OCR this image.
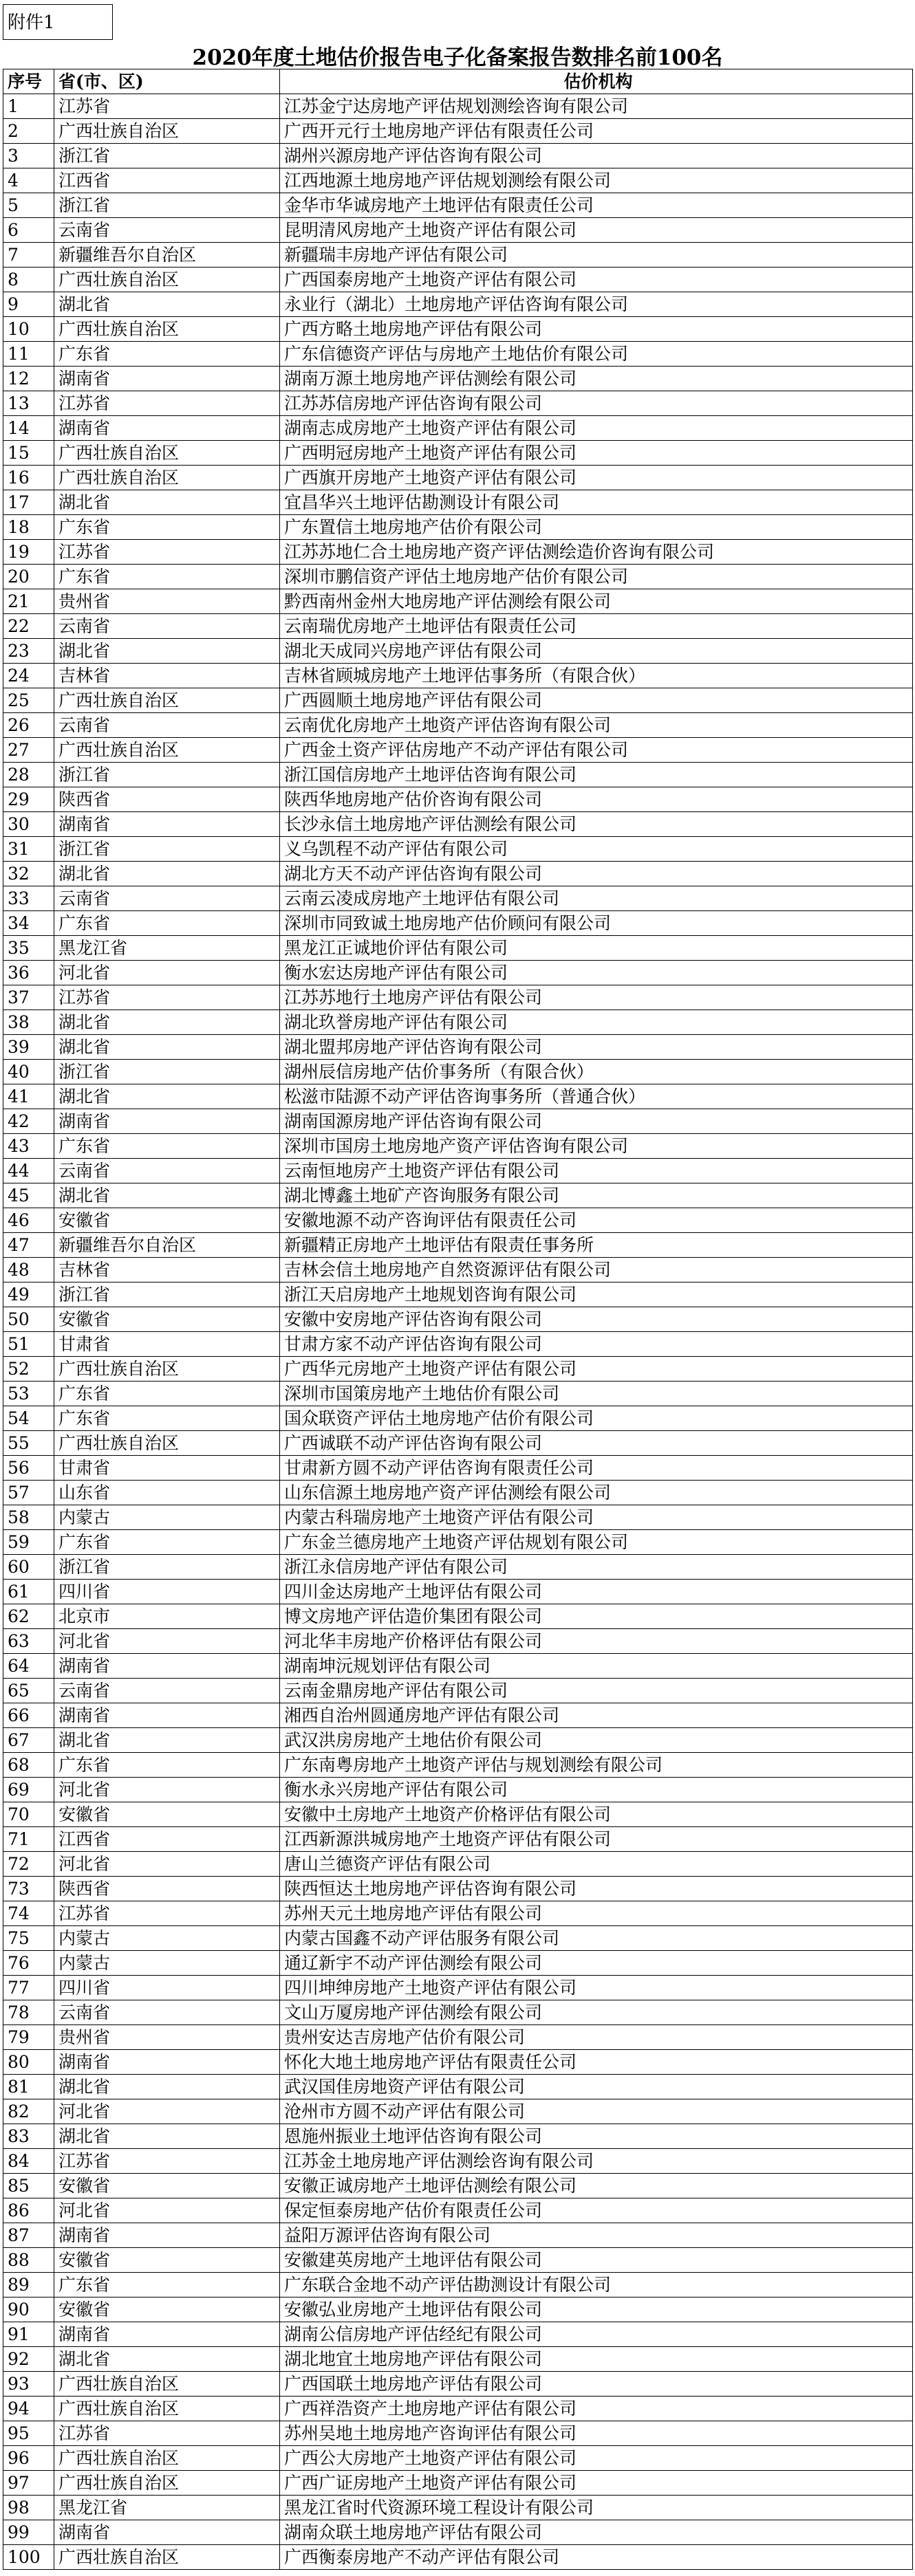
附件1
2020年度土地估价报告电子化备案报告数排名前100名
序号	省(市、区)	估价机构
1	江苏省	江苏金宁达房地产评估规划测绘咨询有限公司
2	广西壮族自治区	广西开元行土地房地产评估有限责任公司
3	浙江省	湖州兴源房地产评估咨询有限公司
4	江西省	江西地源土地房地产评估规划测绘有限公司
5	浙江省	金华市华诚房地产土地评估有限责任公司
6	云南省	昆明清风房地产土地资产评估有限公司
7	新疆维吾尔自治区	新疆瑞丰房地产评估有限公司
8	广西壮族自治区	广西国泰房地产土地资产评估有限公司
9	湖北省	永业行（湖北）土地房地产评估咨询有限公司
10	广西壮族自治区	广西方略土地房地产评估有限公司
11	广东省	广东信德资产评估与房地产土地估价有限公司
12	湖南省	湖南万源土地房地产评估测绘有限公司
13	江苏省	江苏苏信房地产评估咨询有限公司
14	湖南省	湖南志成房地产土地资产评估有限公司
15	广西壮族自治区	广西明冠房地产土地资产评估有限公司
16	广西壮族自治区	广西旗开房地产土地资产评估有限公司
17	湖北省	宜昌华兴土地评估勘测设计有限公司
18	广东省	广东置信土地房地产估价有限公司
19	江苏省	江苏苏地仁合土地房地产资产评估测绘造价咨询有限公司
20	广东省	深圳市鹏信资产评估土地房地产估价有限公司
21	贵州省	黔西南州金州大地房地产评估测绘有限公司
22	云南省	云南瑞优房地产土地评估有限责任公司
23	湖北省	湖北天成同兴房地产评估有限公司
24	吉林省	吉林省顾城房地产土地评估事务所（有限合伙）
25	广西壮族自治区	广西圆顺土地房地产评估有限公司
26	云南省	云南优化房地产土地资产评估咨询有限公司
27	广西壮族自治区	广西金土资产评估房地产不动产评估有限公司
28	浙江省	浙江国信房地产土地评估咨询有限公司
29	陕西省	陕西华地房地产估价咨询有限公司
30	湖南省	长沙永信土地房地产评估测绘有限公司
31	浙江省	义乌凯程不动产评估有限公司
32	湖北省	湖北方天不动产评估咨询有限公司
33	云南省	云南云凌成房地产土地评估有限公司
34	广东省	深圳市同致诚土地房地产估价顾问有限公司
35	黑龙江省	黑龙江正诚地价评估有限公司
36	河北省	衡水宏达房地产评估有限公司
37	江苏省	江苏苏地行土地房产评估有限公司
38	湖北省	湖北玖誉房地产评估有限公司
39	湖北省	湖北盟邦房地产评估咨询有限公司
40	浙江省	湖州辰信房地产估价事务所（有限合伙）
41	湖北省	松滋市陆源不动产评估咨询事务所（普通合伙）
42	湖南省	湖南国源房地产评估咨询有限公司
43	广东省	深圳市国房土地房地产资产评估咨询有限公司
44	云南省	云南恒地房产土地资产评估有限公司
45	湖北省	湖北博鑫土地矿产咨询服务有限公司
46	安徽省	安徽地源不动产咨询评估有限责任公司
47	新疆维吾尔自治区	新疆精正房地产土地评估有限责任事务所
48	吉林省	吉林会信土地房地产自然资源评估有限公司
49	浙江省	浙江天启房地产土地规划咨询有限公司
50	安徽省	安徽中安房地产评估咨询有限公司
51	甘肃省	甘肃方家不动产评估咨询有限公司
52	广西壮族自治区	广西华元房地产土地资产评估有限公司
53	广东省	深圳市国策房地产土地估价有限公司
54	广东省	国众联资产评估土地房地产估价有限公司
55	广西壮族自治区	广西诚联不动产评估咨询有限公司
56	甘肃省	甘肃新方圆不动产评估咨询有限责任公司
57	山东省	山东信源土地房地产资产评估测绘有限公司
58	内蒙古	内蒙古科瑞房地产土地资产评估有限公司
59	广东省	广东金兰德房地产土地资产评估规划有限公司
60	浙江省	浙江永信房地产评估有限公司
61	四川省	四川金达房地产土地评估有限公司
62	北京市	博文房地产评估造价集团有限公司
63	河北省	河北华丰房地产价格评估有限公司
64	湖南省	湖南坤沅规划评估有限公司
65	云南省	云南金鼎房地产评估有限公司
66	湖南省	湘西自治州圆通房地产评估有限公司
67	湖北省	武汉洪房房地产土地估价有限公司
68	广东省	广东南粤房地产土地资产评估与规划测绘有限公司
69	河北省	衡水永兴房地产评估有限公司
70	安徽省	安徽中土房地产土地资产价格评估有限公司
71	江西省	江西新源洪城房地产土地资产评估有限公司
72	河北省	唐山兰德资产评估有限公司
73	陕西省	陕西恒达土地房地产评估咨询有限公司
74	江苏省	苏州天元土地房地产评估有限公司
75	内蒙古	内蒙古国鑫不动产评估服务有限公司
76	内蒙古	通辽新宇不动产评估测绘有限公司
77	四川省	四川坤绅房地产土地资产评估有限公司
78	云南省	文山万厦房地产评估测绘有限公司
79	贵州省	贵州安达吉房地产估价有限公司
80	湖南省	怀化大地土地房地产评估有限责任公司
81	湖北省	武汉国佳房地资产评估有限公司
82	河北省	沧州市方圆不动产评估有限公司
83	湖北省	恩施州振业土地评估咨询有限公司
84	江苏省	江苏金土地房地产评估测绘咨询有限公司
85	安徽省	安徽正诚房地产土地评估测绘有限公司
86	河北省	保定恒泰房地产估价有限责任公司
87	湖南省	益阳万源评估咨询有限公司
88	安徽省	安徽建英房地产土地评估有限公司
89	广东省	广东联合金地不动产评估勘测设计有限公司
90	安徽省	安徽弘业房地产土地评估有限公司
91	湖南省	湖南公信房地产评估经纪有限公司
92	湖北省	湖北地宜土地房地产评估有限公司
93	广西壮族自治区	广西国联土地房地产评估有限公司
94	广西壮族自治区	广西祥浩资产土地房地产评估有限公司
95	江苏省	苏州吴地土地房地产咨询评估有限公司
96	广西壮族自治区	广西公大房地产土地资产评估有限公司
97	广西壮族自治区	广西广证房地产土地资产评估有限公司
98	黑龙江省	黑龙江省时代资源环境工程设计有限公司
99	湖南省	湖南众联土地房地产评估有限公司
100	广西壮族自治区	广西衡泰房地产不动产评估有限公司
